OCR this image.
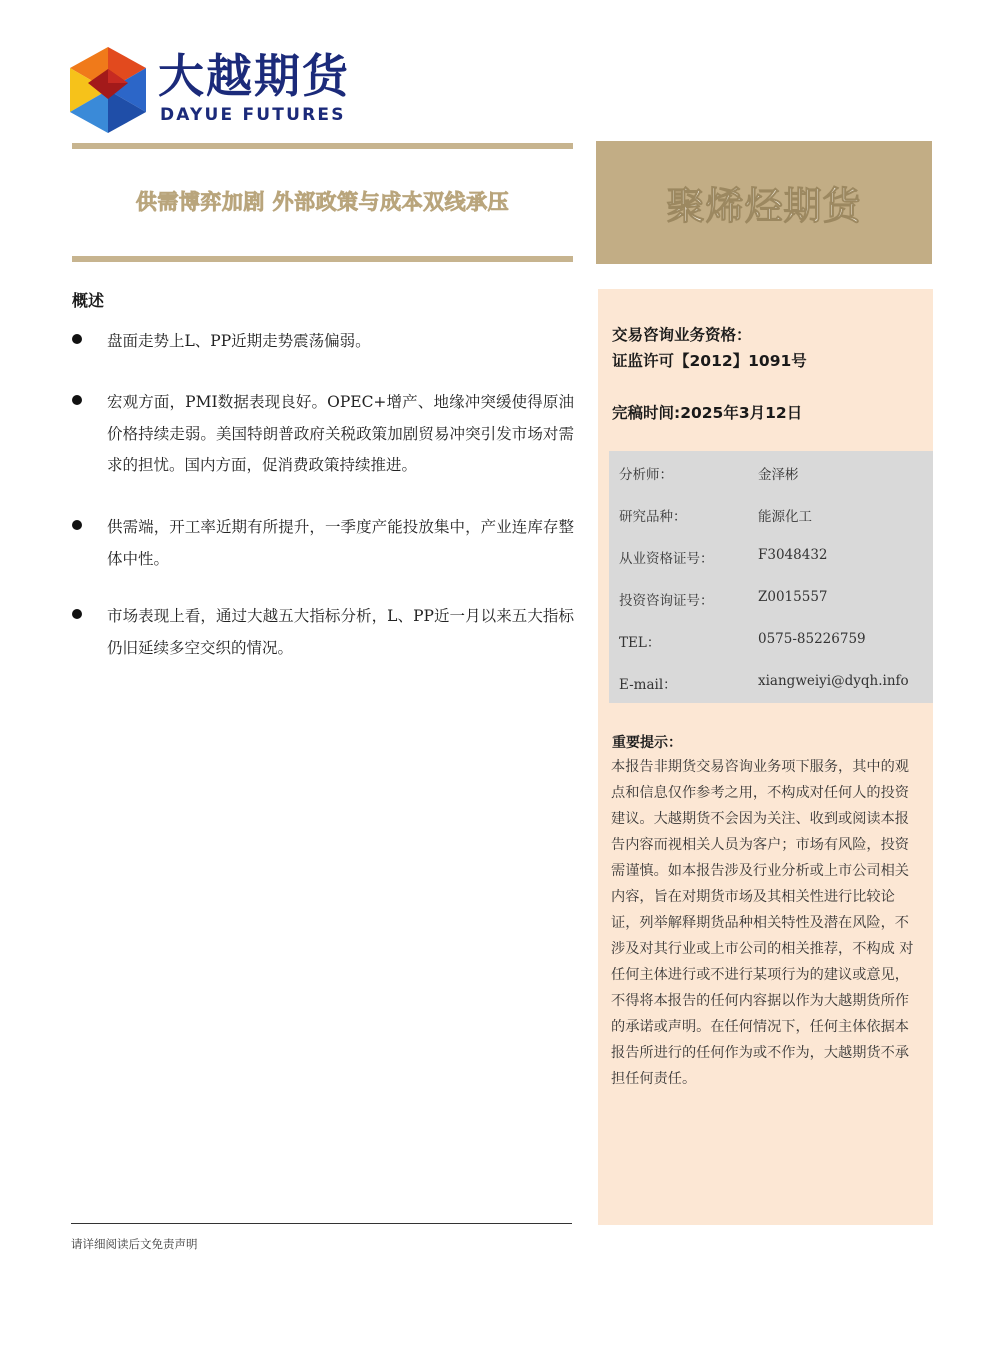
大越期货
DAYUE FUTURES
供需博弈加剧 外部政策与成本双线承压	聚烯烃期货
概述
盘面走势上L、PP近期走势震荡偏弱。
宏观方面，PMI数据表现良好。OPEC+增产、地缘冲突缓使得原油价格持续走弱。美国特朗普政府关税政策加剧贸易冲突引发市场对需求的担忧。国内方面，促消费政策持续推进。
供需端，开工率近期有所提升，一季度产能投放集中，产业连库存整体中性。
市场表现上看，通过大越五大指标分析，L、PP近一月以来五大指标仍旧延续多空交织的情况。
交易咨询业务资格：
证监许可【2012】1091号
完稿时间:2025年3月12日
分析师：	金泽彬
研究品种：	能源化工
从业资格证号：	F3048432
投资咨询证号：	Z0015557
TEL：	0575-85226759
E-mail：	xiangweiyi@dyqh.info
重要提示：
本报告非期货交易咨询业务项下服务，其中的观点和信息仅作参考之用，不构成对任何人的投资建议。大越期货不会因为关注、收到或阅读本报告内容而视相关人员为客户；市场有风险，投资需谨慎。如本报告涉及行业分析或上市公司相关内容，旨在对期货市场及其相关性进行比较论证，列举解释期货品种相关特性及潜在风险，不涉及对其行业或上市公司的相关推荐，不构成 对任何主体进行或不进行某项行为的建议或意见，不得将本报告的任何内容据以作为大越期货所作的承诺或声明。在任何情况下，任何主体依据本报告所进行的任何作为或不作为，大越期货不承担任何责任。
请详细阅读后文免责声明
